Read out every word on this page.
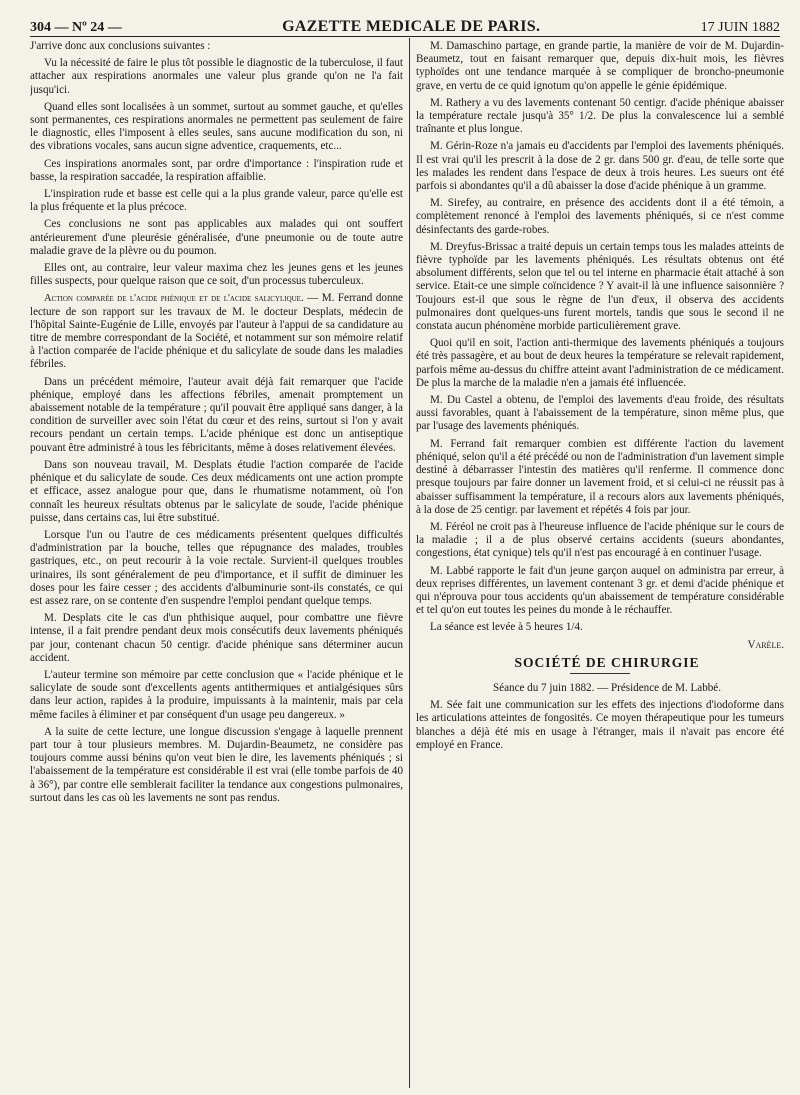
304 — Nº 24 —	GAZETTE MEDICALE DE PARIS.	17 JUIN 1882

J'arrive donc aux conclusions suivantes :

Vu la nécessité de faire le plus tôt possible le diagnostic de la tuberculose, il faut attacher aux respirations anormales une valeur plus grande qu'on ne l'a fait jusqu'ici.

Quand elles sont localisées à un sommet, surtout au sommet gauche, et qu'elles sont permanentes, ces respirations anormales ne permettent pas seulement de faire le diagnostic, elles l'imposent à elles seules, sans aucune modification du son, ni des vibrations vocales, sans aucun signe adventice, craquements, etc...

Ces inspirations anormales sont, par ordre d'importance : l'inspiration rude et basse, la respiration saccadée, la respiration affaiblie.

L'inspiration rude et basse est celle qui a la plus grande valeur, parce qu'elle est la plus fréquente et la plus précoce.

Ces conclusions ne sont pas applicables aux malades qui ont souffert antérieurement d'une pleurésie généralisée, d'une pneumonie ou de toute autre maladie grave de la plèvre ou du poumon.

Elles ont, au contraire, leur valeur maxima chez les jeunes gens et les jeunes filles suspects, pour quelque raison que ce soit, d'un processus tuberculeux.

Action comparée de l'acide phénique et de l'acide salicylique. — M. Ferrand donne lecture de son rapport sur les travaux de M. le docteur Desplats, médecin de l'hôpital Sainte-Eugénie de Lille, envoyés par l'auteur à l'appui de sa candidature au titre de membre correspondant de la Société, et notamment sur son mémoire relatif à l'action comparée de l'acide phénique et du salicylate de soude dans les maladies fébriles.

Dans un précédent mémoire, l'auteur avait déjà fait remarquer que l'acide phénique, employé dans les affections fébriles, amenait promptement un abaissement notable de la température ; qu'il pouvait être appliqué sans danger, à la condition de surveiller avec soin l'état du cœur et des reins, surtout si l'on y avait recours pendant un certain temps. L'acide phénique est donc un antiseptique pouvant être administré à tous les fébricitants, même à doses relativement élevées.

Dans son nouveau travail, M. Desplats étudie l'action comparée de l'acide phénique et du salicylate de soude. Ces deux médicaments ont une action prompte et efficace, assez analogue pour que, dans le rhumatisme notamment, où l'on connaît les heureux résultats obtenus par le salicylate de soude, l'acide phénique puisse, dans certains cas, lui être substitué.

Lorsque l'un ou l'autre de ces médicaments présentent quelques difficultés d'administration par la bouche, telles que répugnance des malades, troubles gastriques, etc., on peut recourir à la voie rectale. Survient-il quelques troubles urinaires, ils sont généralement de peu d'importance, et il suffit de diminuer les doses pour les faire cesser ; des accidents d'albuminurie sont-ils constatés, ce qui est assez rare, on se contente d'en suspendre l'emploi pendant quelque temps.

M. Desplats cite le cas d'un phthisique auquel, pour combattre une fièvre intense, il a fait prendre pendant deux mois consécutifs deux lavements phéniqués par jour, contenant chacun 50 centigr. d'acide phénique sans déterminer aucun accident.

L'auteur termine son mémoire par cette conclusion que « l'acide phénique et le salicylate de soude sont d'excellents agents antithermiques et antialgésiques sûrs dans leur action, rapides à la produire, impuissants à la maintenir, mais par cela même faciles à éliminer et par conséquent d'un usage peu dangereux. »

A la suite de cette lecture, une longue discussion s'engage à laquelle prennent part tour à tour plusieurs membres. M. Dujardin-Beaumetz, ne considère pas toujours comme aussi bénins qu'on veut bien le dire, les lavements phéniqués ; si l'abaissement de la température est considérable il est vrai (elle tombe parfois de 40 à 36°), par contre elle semblerait faciliter la tendance aux congestions pulmonaires, surtout dans les cas où les lavements ne sont pas rendus.

M. Damaschino partage, en grande partie, la manière de voir de M. Dujardin-Beaumetz, tout en faisant remarquer que, depuis dix-huit mois, les fièvres typhoïdes ont une tendance marquée à se compliquer de broncho-pneumonie grave, en vertu de ce quid ignotum qu'on appelle le génie épidémique.

M. Rathery a vu des lavements contenant 50 centigr. d'acide phénique abaisser la température rectale jusqu'à 35° 1/2. De plus la convalescence lui a semblé traînante et plus longue.

M. Gérin-Roze n'a jamais eu d'accidents par l'emploi des lavements phéniqués. Il est vrai qu'il les prescrit à la dose de 2 gr. dans 500 gr. d'eau, de telle sorte que les malades les rendent dans l'espace de deux à trois heures. Les sueurs ont été parfois si abondantes qu'il a dû abaisser la dose d'acide phénique à un gramme.

M. Sirefey, au contraire, en présence des accidents dont il a été témoin, a complètement renoncé à l'emploi des lavements phéniqués, si ce n'est comme désinfectants des garde-robes.

M. Dreyfus-Brissac a traité depuis un certain temps tous les malades atteints de fièvre typhoïde par les lavements phéniqués. Les résultats obtenus ont été absolument différents, selon que tel ou tel interne en pharmacie était attaché à son service. Etait-ce une simple coïncidence ? Y avait-il là une influence saisonnière ? Toujours est-il que sous le règne de l'un d'eux, il observa des accidents pulmonaires dont quelques-uns furent mortels, tandis que sous le second il ne constata aucun phénomène morbide particulièrement grave.

Quoi qu'il en soit, l'action anti-thermique des lavements phéniqués a toujours été très passagère, et au bout de deux heures la température se relevait rapidement, parfois même au-dessus du chiffre atteint avant l'administration de ce médicament. De plus la marche de la maladie n'en a jamais été influencée.

M. Du Castel a obtenu, de l'emploi des lavements d'eau froide, des résultats aussi favorables, quant à l'abaissement de la température, sinon même plus, que par l'usage des lavements phéniqués.

M. Ferrand fait remarquer combien est différente l'action du lavement phéniqué, selon qu'il a été précédé ou non de l'administration d'un lavement simple destiné à débarrasser l'intestin des matières qu'il renferme. Il commence donc presque toujours par faire donner un lavement froid, et si celui-ci ne réussit pas à abaisser suffisamment la température, il a recours alors aux lavements phéniqués, à la dose de 25 centigr. par lavement et répétés 4 fois par jour.

M. Féréol ne croit pas à l'heureuse influence de l'acide phénique sur le cours de la maladie ; il a de plus observé certains accidents (sueurs abondantes, congestions, état cynique) tels qu'il n'est pas encouragé à en continuer l'usage.

M. Labbé rapporte le fait d'un jeune garçon auquel on administra par erreur, à deux reprises différentes, un lavement contenant 3 gr. et demi d'acide phénique et qui n'éprouva pour tous accidents qu'un abaissement de température considérable et tel qu'on eut toutes les peines du monde à le réchauffer.

La séance est levée à 5 heures 1/4.

Varèle.

SOCIÉTÉ DE CHIRURGIE

Séance du 7 juin 1882. — Présidence de M. Labbé.

M. Sée fait une communication sur les effets des injections d'iodoforme dans les articulations atteintes de fongosités. Ce moyen thérapeutique pour les tumeurs blanches a déjà été mis en usage à l'étranger, mais il n'avait pas encore été employé en France.
